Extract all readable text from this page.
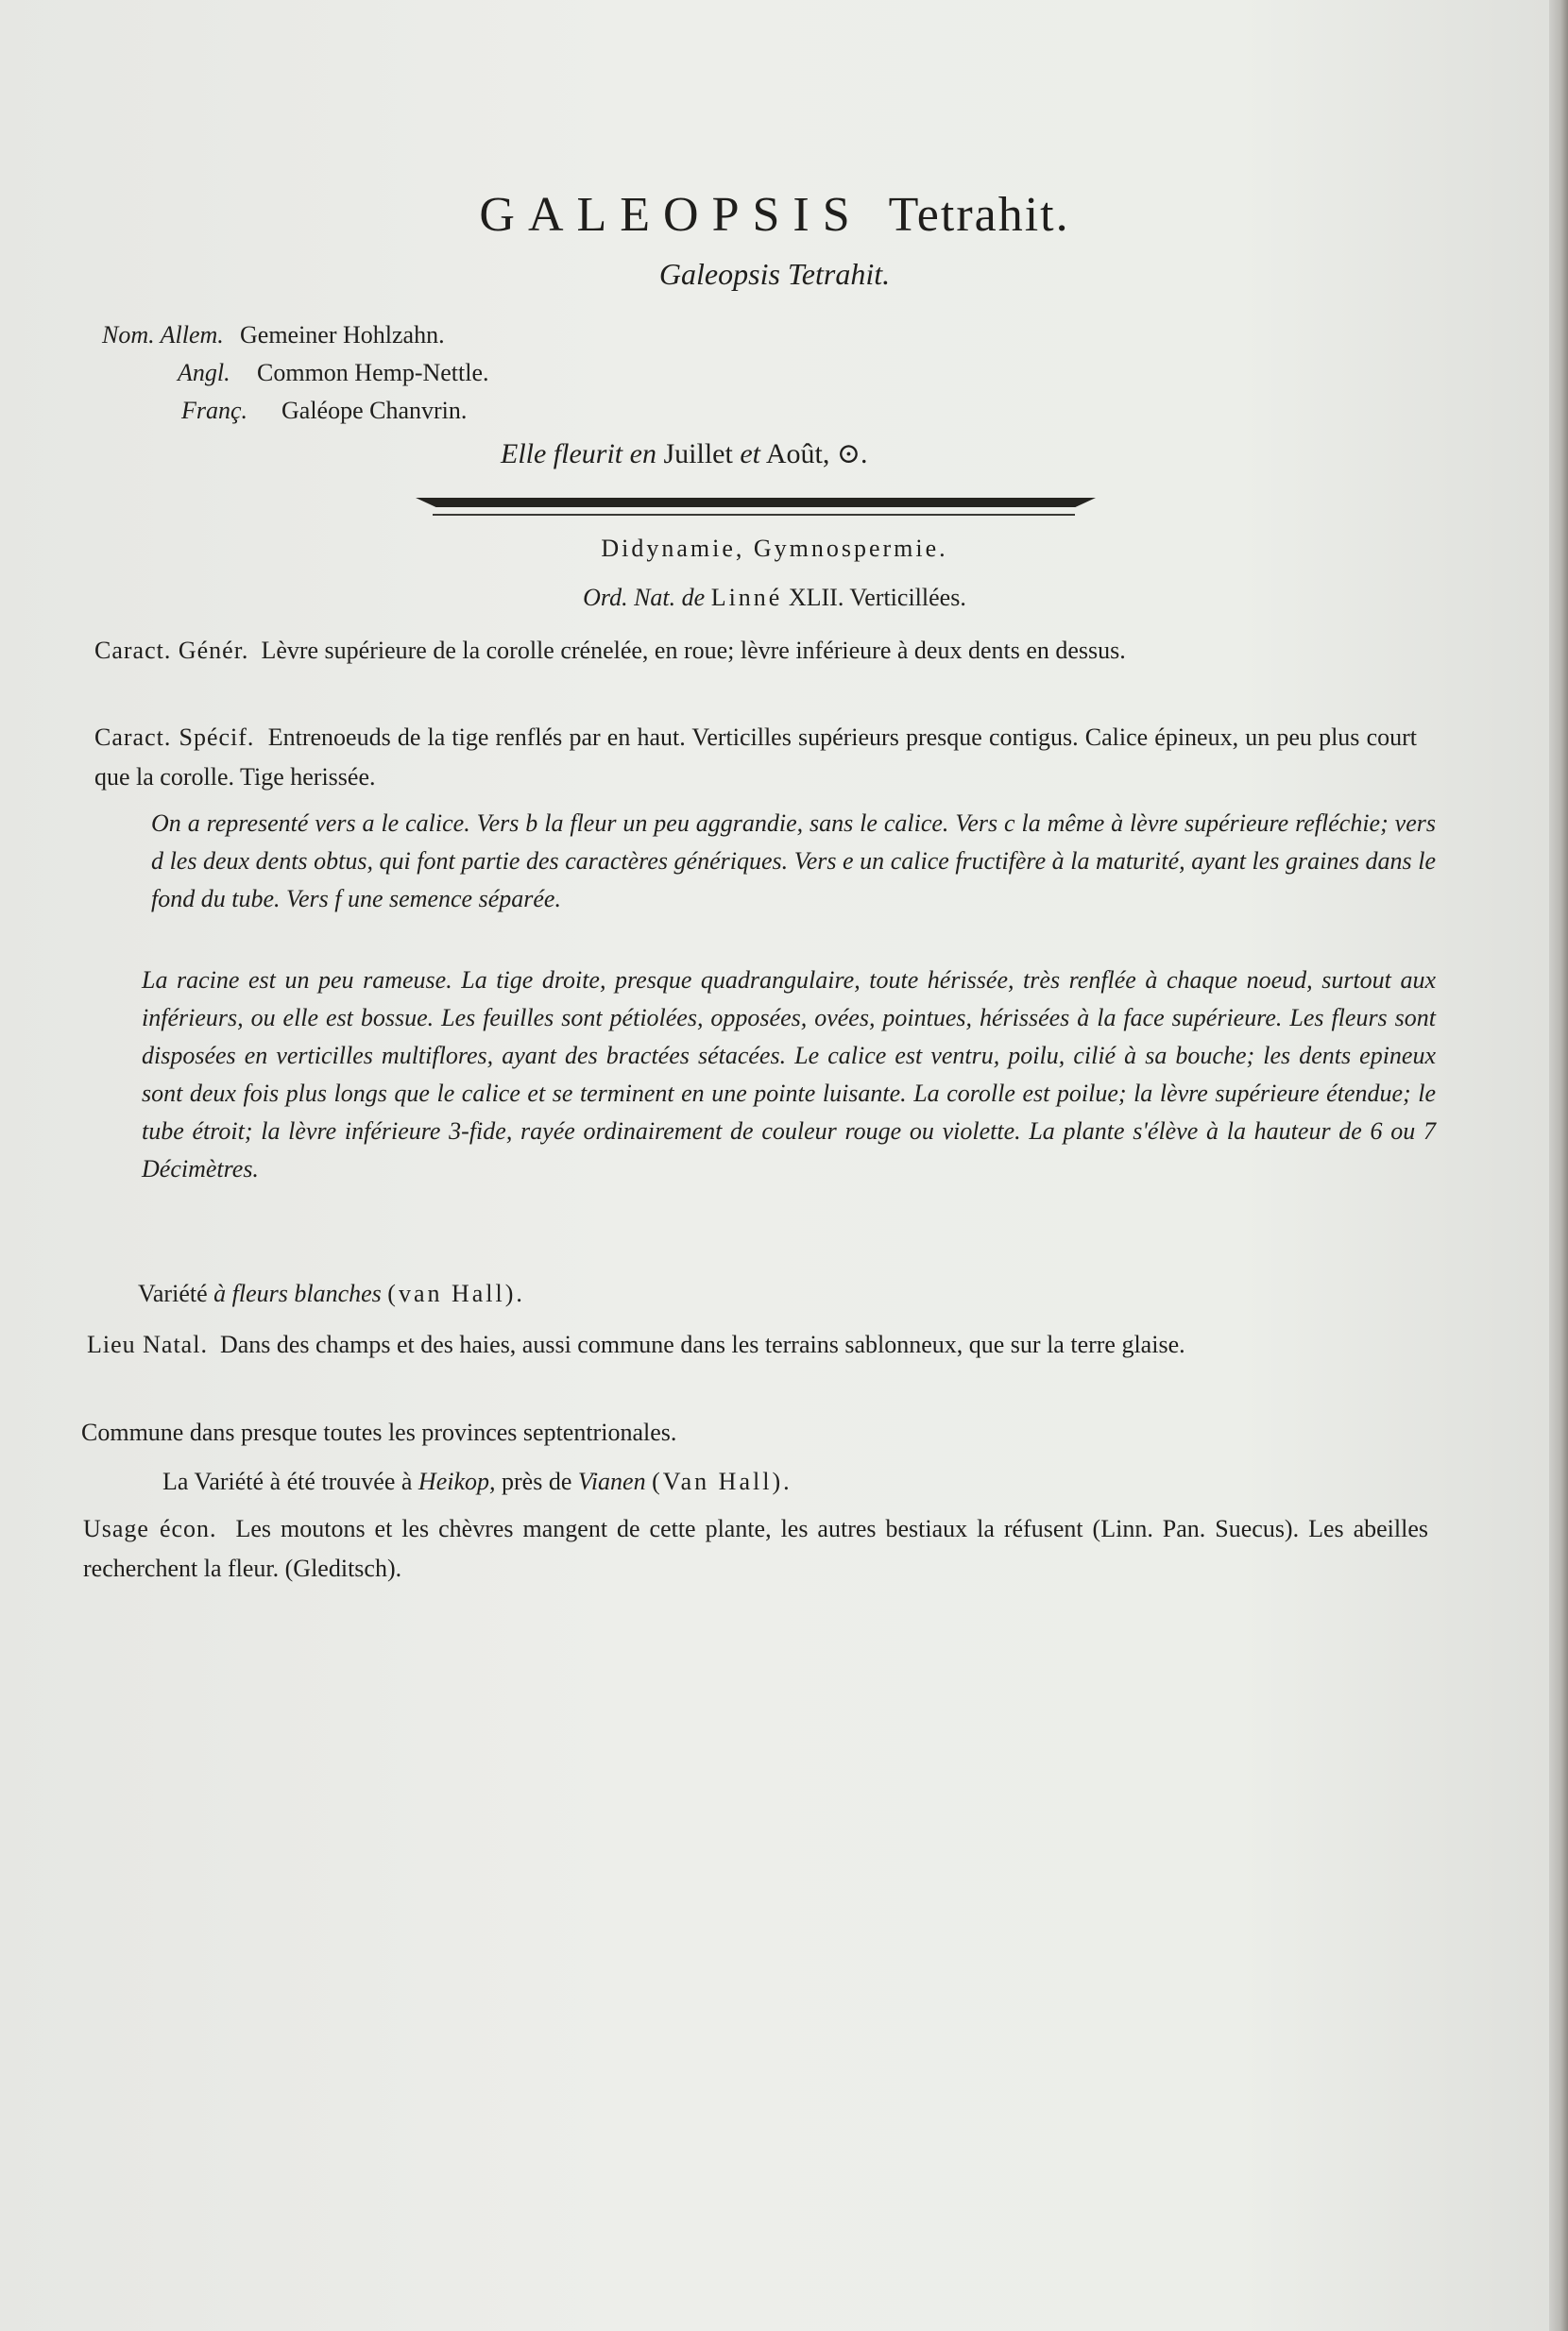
GALEOPSIS Tetrahit.
Galeopsis Tetrahit.
Nom. Allem. Gemeiner Hohlzahn.
Angl. Common Hemp-Nettle.
Franç. Galéope Chanvrin.
Elle fleurit en Juillet et Août, ⊙.
Didynamie, Gymnospermie.
Ord. Nat. de Linné XLII. Verticillées.
Caract. Génér. Lèvre supérieure de la corolle crénelée, en roue; lèvre inférieure à deux dents en dessus.
Caract. Spécif. Entrenoeuds de la tige renflés par en haut. Verticilles supérieurs presque contigus. Calice épineux, un peu plus court que la corolle. Tige herissée.
On a representé vers a le calice. Vers b la fleur un peu aggrandie, sans le calice. Vers c la même à lèvre supérieure refléchie; vers d les deux dents obtus, qui font partie des caractères génériques. Vers e un calice fructifère à la maturité, ayant les graines dans le fond du tube. Vers f une semence séparée.
La racine est un peu rameuse. La tige droite, presque quadrangulaire, toute hérissée, très renflée à chaque noeud, surtout aux inférieurs, ou elle est bossue. Les feuilles sont pétiolées, opposées, ovées, pointues, hérissées à la face supérieure. Les fleurs sont disposées en verticilles multiflores, ayant des bractées sétacées. Le calice est ventru, poilu, cilié à sa bouche; les dents epineux sont deux fois plus longs que le calice et se terminent en une pointe luisante. La corolle est poilue; la lèvre supérieure étendue; le tube étroit; la lèvre inférieure 3-fide, rayée ordinairement de couleur rouge ou violette. La plante s'élève à la hauteur de 6 ou 7 Décimètres.
Variété à fleurs blanches (van Hall).
Lieu Natal. Dans des champs et des haies, aussi commune dans les terrains sablonneux, que sur la terre glaise.
Commune dans presque toutes les provinces septentrionales.
La Variété à été trouvée à Heikop, près de Vianen (Van Hall).
Usage écon. Les moutons et les chèvres mangent de cette plante, les autres bestiaux la réfusent (Linn. Pan. Suecus). Les abeilles recherchent la fleur. (Gleditsch).
